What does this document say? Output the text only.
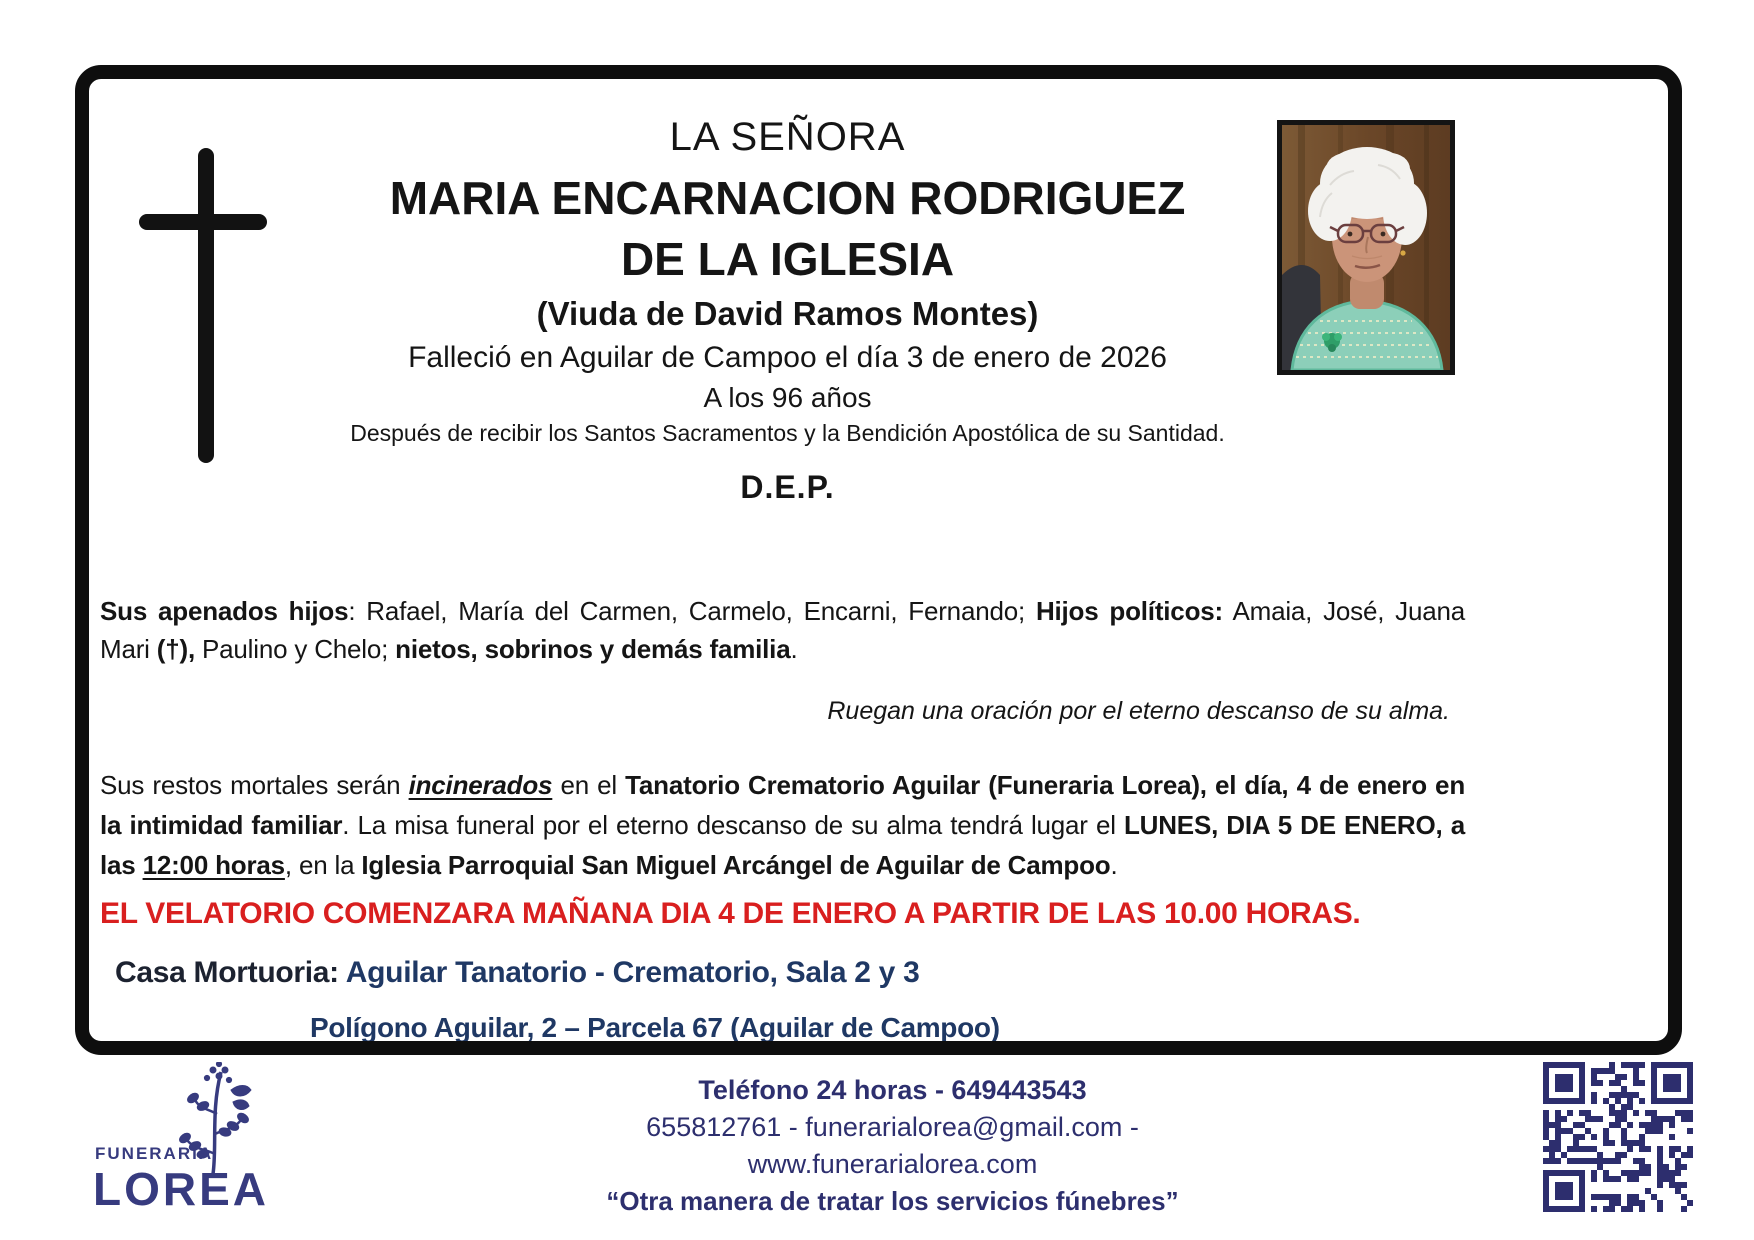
LA SEÑORA
MARIA ENCARNACION RODRIGUEZ
DE LA IGLESIA
(Viuda de David Ramos Montes)
Falleció en Aguilar de Campoo el día 3 de enero de 2026
A los 96 años
Después de recibir los Santos Sacramentos y la Bendición Apostólica de su Santidad.
D.E.P.
Sus apenados hijos: Rafael, María del Carmen, Carmelo, Encarni, Fernando; Hijos políticos: Amaia, José, Juana Mari (†), Paulino y Chelo; nietos, sobrinos y demás familia.
Ruegan una oración por el eterno descanso de su alma.
Sus restos mortales serán incinerados en el Tanatorio Crematorio Aguilar (Funeraria Lorea), el día, 4 de enero en la intimidad familiar. La misa funeral por el eterno descanso de su alma tendrá lugar el LUNES, DIA 5 DE ENERO, a las 12:00 horas, en la Iglesia Parroquial San Miguel Arcángel de Aguilar de Campoo.
EL VELATORIO COMENZARA MAÑANA DIA 4 DE ENERO A PARTIR DE LAS 10.00 HORAS.
Casa Mortuoria: Aguilar Tanatorio - Crematorio, Sala 2 y 3
Polígono Aguilar, 2 – Parcela 67 (Aguilar de Campoo)
FUNERARIA
LOREA
Teléfono 24 horas - 649443543
655812761 - funerarialorea@gmail.com - www.funerarialorea.com
“Otra manera de tratar los servicios fúnebres”
